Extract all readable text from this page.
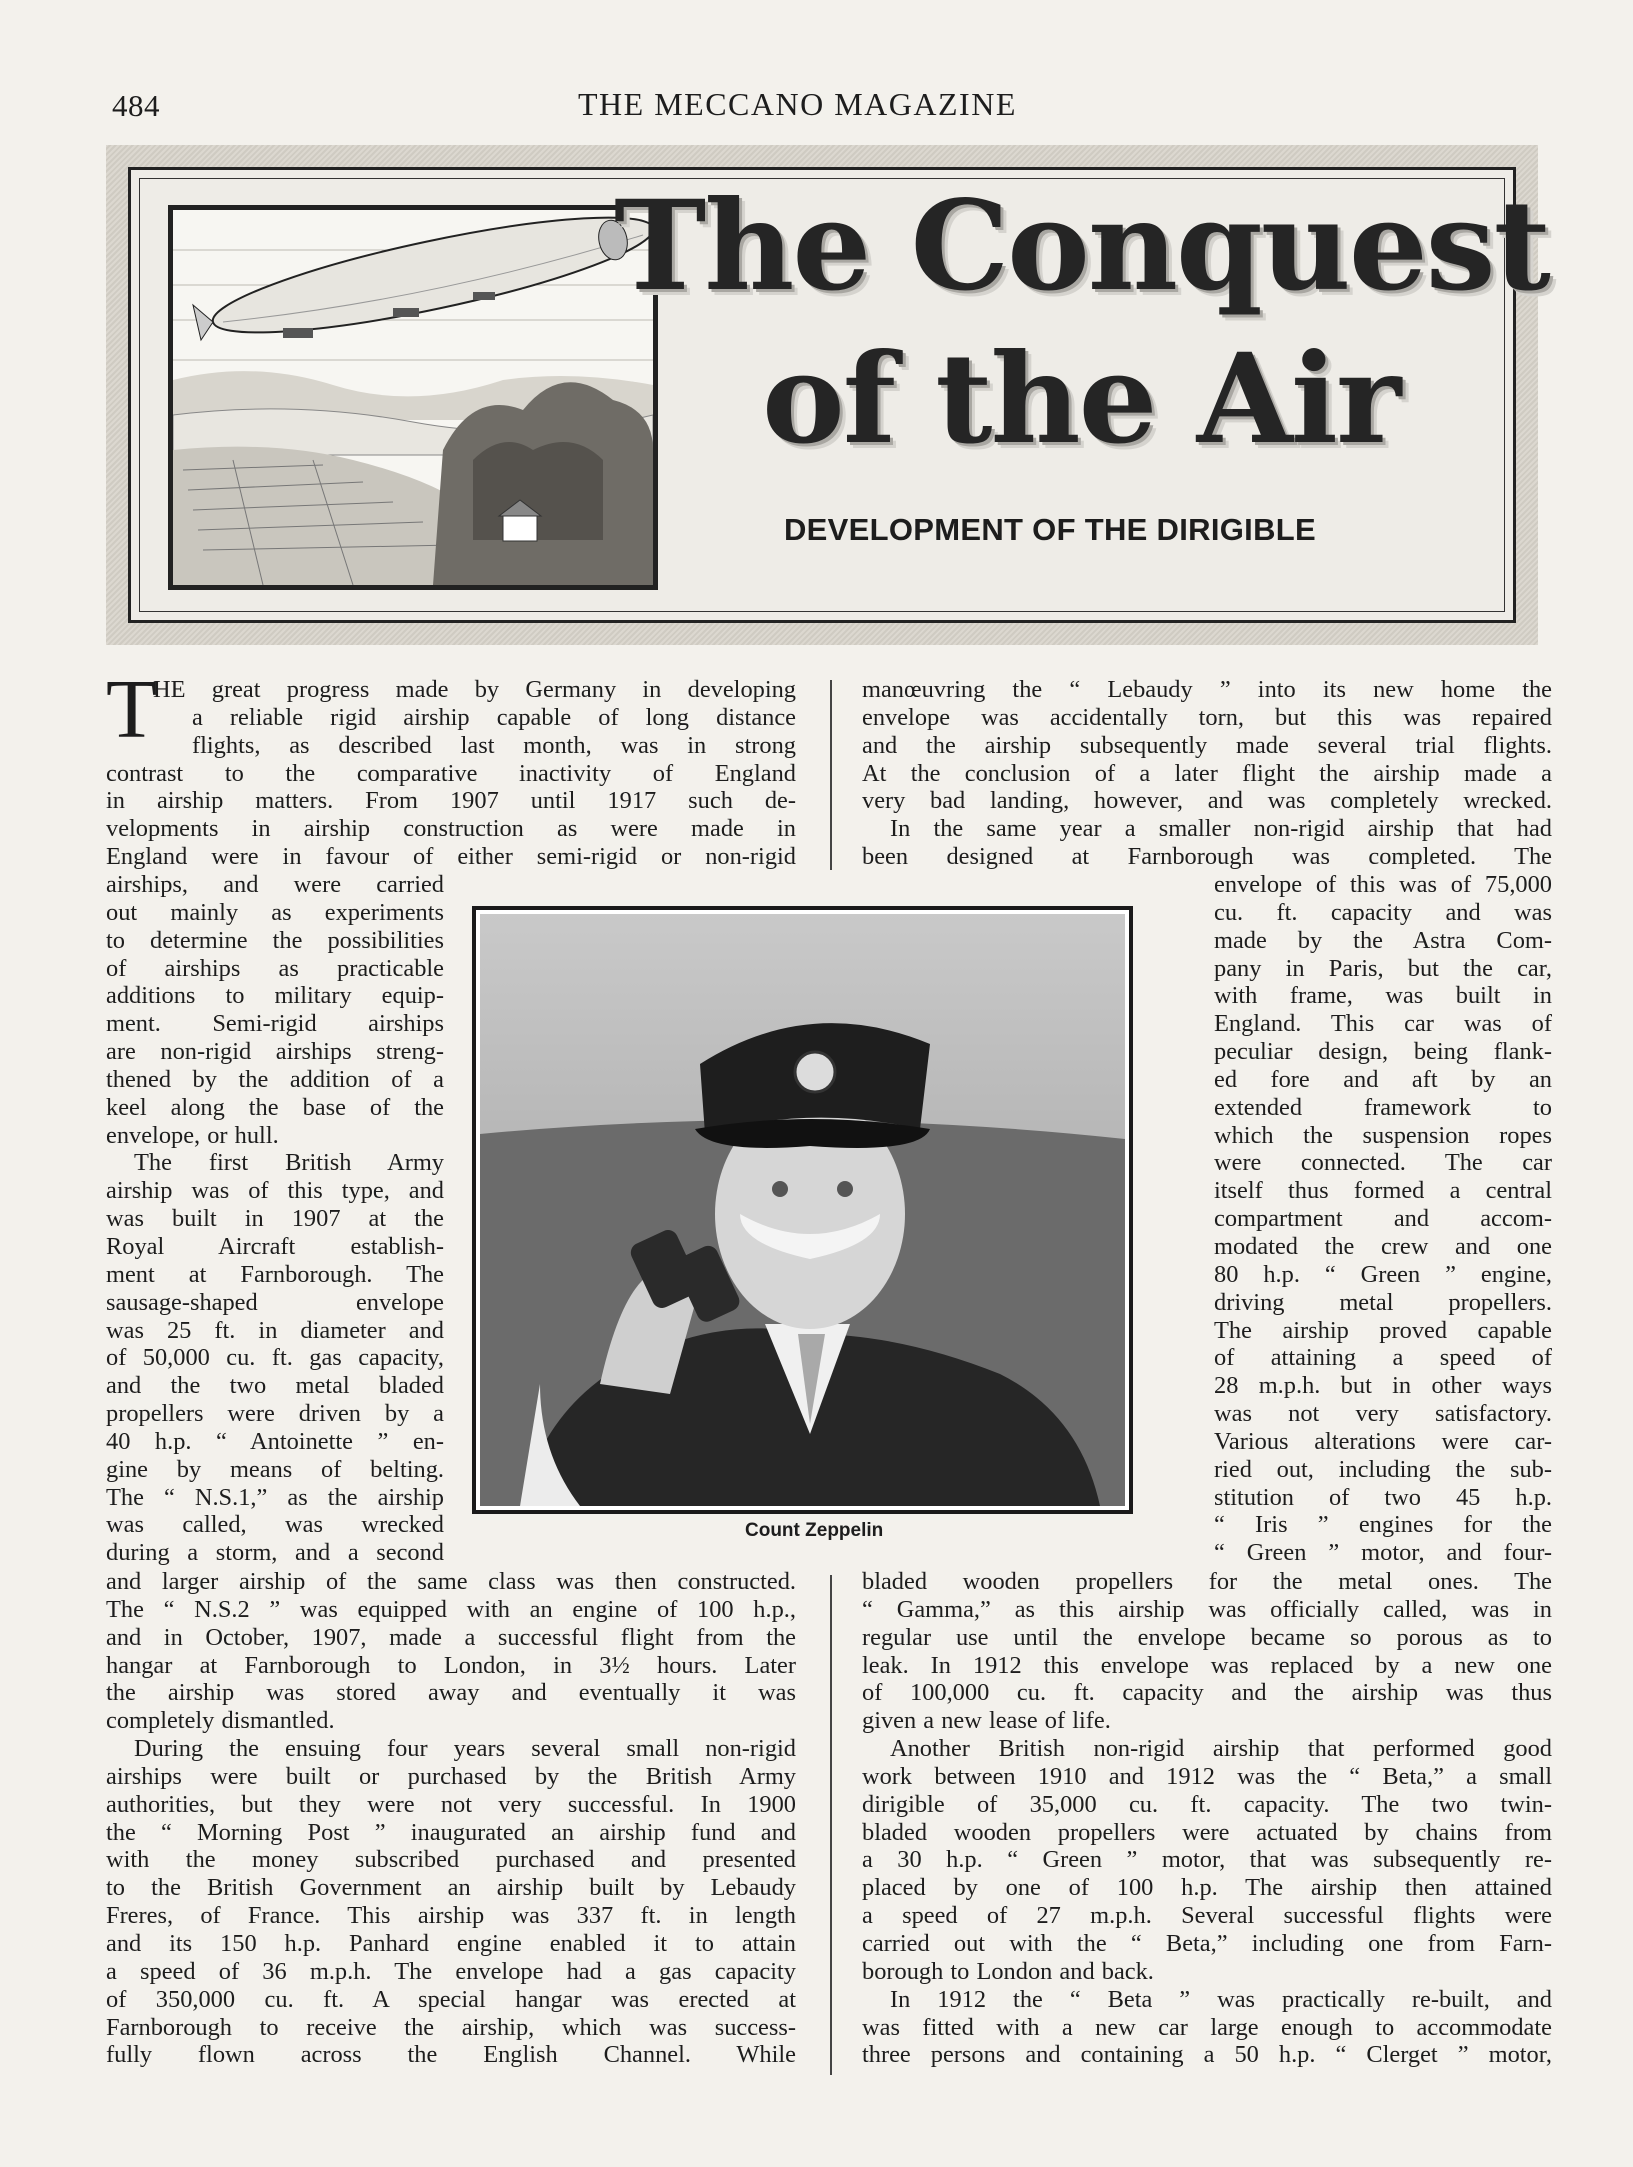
484	THE MECCANO MAGAZINE
The Conquest
of the Air
DEVELOPMENT OF THE DIRIGIBLE
T
HE great progress made by Germany in developing
a reliable rigid airship capable of long distance
flights, as described last month, was in strong
contrast to the comparative inactivity of England
in airship matters. From 1907 until 1917 such de-
velopments in airship construction as were made in
England were in favour of either semi-rigid or non-rigid
airships, and were carried
out mainly as experiments
to determine the possibilities
of airships as practicable
additions to military equip-
ment. Semi-rigid airships
are non-rigid airships streng-
thened by the addition of a
keel along the base of the
envelope, or hull.
The first British Army
airship was of this type, and
was built in 1907 at the
Royal Aircraft establish-
ment at Farnborough. The
sausage-shaped envelope
was 25 ft. in diameter and
of 50,000 cu. ft. gas capacity,
and the two metal bladed
propellers were driven by a
40 h.p. “ Antoinette ” en-
gine by means of belting.
The “ N.S.1,” as the airship
was called, was wrecked
during a storm, and a second
Count Zeppelin
and larger airship of the same class was then constructed.
The “ N.S.2 ” was equipped with an engine of 100 h.p.,
and in October, 1907, made a successful flight from the
hangar at Farnborough to London, in 3½ hours. Later
the airship was stored away and eventually it was
completely dismantled.
During the ensuing four years several small non-rigid
airships were built or purchased by the British Army
authorities, but they were not very successful. In 1900
the “ Morning Post ” inaugurated an airship fund and
with the money subscribed purchased and presented
to the British Government an airship built by Lebaudy
Freres, of France. This airship was 337 ft. in length
and its 150 h.p. Panhard engine enabled it to attain
a speed of 36 m.p.h. The envelope had a gas capacity
of 350,000 cu. ft. A special hangar was erected at
Farnborough to receive the airship, which was success-
fully flown across the English Channel. While
manœuvring the “ Lebaudy ” into its new home the
envelope was accidentally torn, but this was repaired
and the airship subsequently made several trial flights.
At the conclusion of a later flight the airship made a
very bad landing, however, and was completely wrecked.
In the same year a smaller non-rigid airship that had
been designed at Farnborough was completed. The
envelope of this was of 75,000
cu. ft. capacity and was
made by the Astra Com-
pany in Paris, but the car,
with frame, was built in
England. This car was of
peculiar design, being flank-
ed fore and aft by an
extended framework to
which the suspension ropes
were connected. The car
itself thus formed a central
compartment and accom-
modated the crew and one
80 h.p. “ Green ” engine,
driving metal propellers.
The airship proved capable
of attaining a speed of
28 m.p.h. but in other ways
was not very satisfactory.
Various alterations were car-
ried out, including the sub-
stitution of two 45 h.p.
“ Iris ” engines for the
“ Green ” motor, and four-
bladed wooden propellers for the metal ones. The
“ Gamma,” as this airship was officially called, was in
regular use until the envelope became so porous as to
leak. In 1912 this envelope was replaced by a new one
of 100,000 cu. ft. capacity and the airship was thus
given a new lease of life.
Another British non-rigid airship that performed good
work between 1910 and 1912 was the “ Beta,” a small
dirigible of 35,000 cu. ft. capacity. The two twin-
bladed wooden propellers were actuated by chains from
a 30 h.p. “ Green ” motor, that was subsequently re-
placed by one of 100 h.p. The airship then attained
a speed of 27 m.p.h. Several successful flights were
carried out with the “ Beta,” including one from Farn-
borough to London and back.
In 1912 the “ Beta ” was practically re-built, and
was fitted with a new car large enough to accommodate
three persons and containing a 50 h.p. “ Clerget ” motor,
